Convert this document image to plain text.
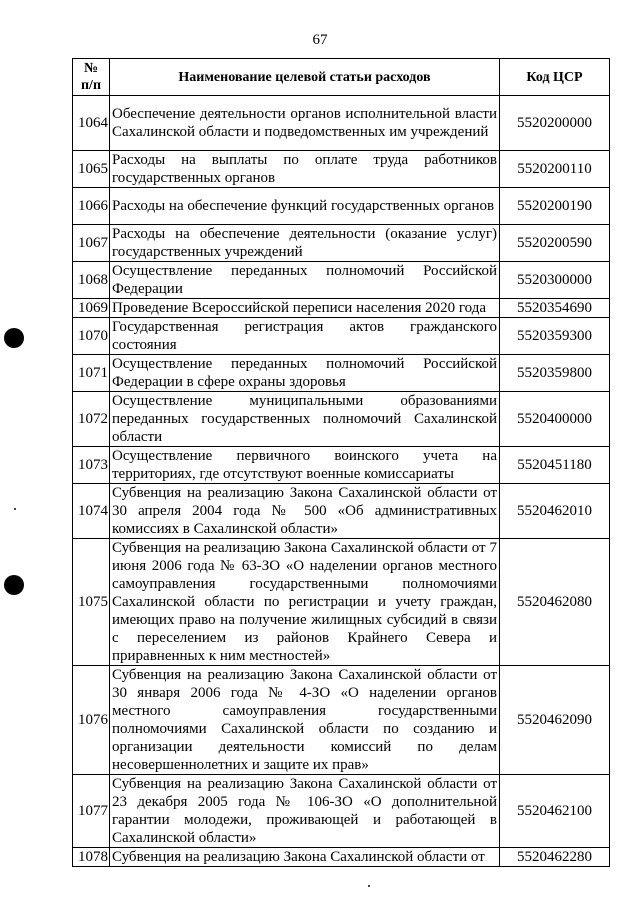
67
№
п/п	Наименование целевой статьи расходов	Код ЦСР
1064	Обеспечение деятельности органов исполнительной власти Сахалинской области и подведомственных им учреждений	5520200000
1065	Расходы на выплаты по оплате труда работников государственных органов	5520200110
1066	Расходы на обеспечение функций государственных органов	5520200190
1067	Расходы на обеспечение деятельности (оказание услуг) государственных учреждений	5520200590
1068	Осуществление переданных полномочий Российской Федерации	5520300000
1069	Проведение Всероссийской переписи населения 2020 года	5520354690
1070	Государственная регистрация актов гражданского состояния	5520359300
1071	Осуществление переданных полномочий Российской Федерации в сфере охраны здоровья	5520359800
1072	Осуществление муниципальными образованиями переданных государственных полномочий Сахалинской области	5520400000
1073	Осуществление первичного воинского учета на территориях, где отсутствуют военные комиссариаты	5520451180
1074	Субвенция на реализацию Закона Сахалинской области от 30 апреля 2004 года № 500 «Об административных комиссиях в Сахалинской области»	5520462010
1075	Субвенция на реализацию Закона Сахалинской области от 7 июня 2006 года № 63-ЗО «О наделении органов местного самоуправления государственными полномочиями Сахалинской области по регистрации и учету граждан, имеющих право на получение жилищных субсидий в связи с переселением из районов Крайнего Севера и приравненных к ним местностей»	5520462080
1076	Субвенция на реализацию Закона Сахалинской области от 30 января 2006 года № 4-ЗО «О наделении органов местного самоуправления государственными полномочиями Сахалинской области по созданию и организации деятельности комиссий по делам несовершеннолетних и защите их прав»	5520462090
1077	Субвенция на реализацию Закона Сахалинской области от 23 декабря 2005 года № 106-ЗО «О дополнительной гарантии молодежи, проживающей и работающей в Сахалинской области»	5520462100
1078	Субвенция на реализацию Закона Сахалинской области от	5520462280
